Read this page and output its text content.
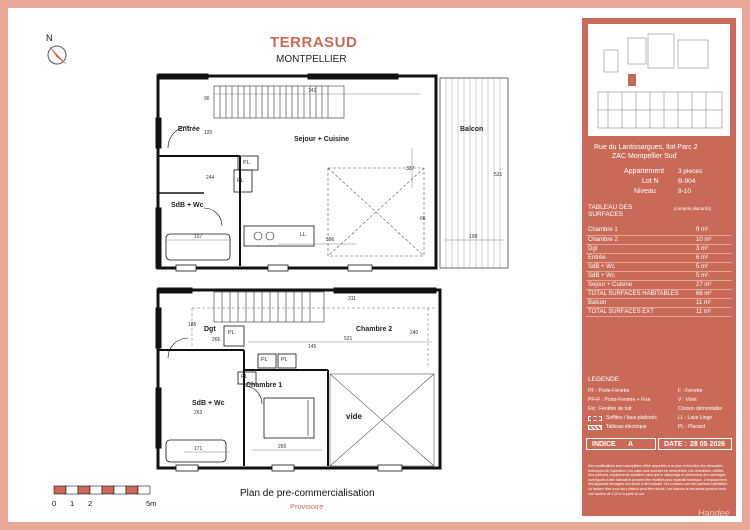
N	TERRASUD
MONTPELLIER
Entrée
Sejour + Cuisine
Balcon
SdB + Wc
PL
PL
LL
741
90
120
244
157	596	199
337
66
531
Dgt	Chambre 2
Chambre 1
SdB + Wc
vide
PL PL
PL
PL
311
185
266	521
240
145
263
171	265
0 1 2	5m
Plan de pre-commercialisation
Provisoire
Rue du Lantissargues, Ilot Parc 2
ZAC Montpellier Sud
Appartement 3 pieces
Lot N	B-904
Niveau	9-10
TABLEAU DES SURFACES
(compris placards)
Chambre 1	9 m²
Chambre 2	10 m²
Dgt	3 m²
Entrée	6 m²
SdB + Wc	5 m²
SdB + Wc	5 m²
Sejour + Cuisine	27 m²
TOTAL SURFACES HABITABLES	66 m²
Balcon	11 m²
TOTAL SURFACES EXT	11 m²
LEGENDE
PF : Porte-Fenetre	F : Fenetre
PF+F : Porte-Fenetre + Fixe	V : Volet
Fst : Fenêtre de toit	Cloison démontable
Soffites / faux-plafonds	LL : Lave Linge
Tableau électrique	PL : Placard
INDICE A	DATE : 28 05 2026
Des modifications sont susceptibles d'être apportées à ce plan en fonction des nécessités techniques de l'opération. Les cotes sont données en centimètres. Les retombées, soffites, faux plafonds, équipements sanitaires ainsi que le calepinage et dimensions des carrelages sont figurés à titre indicatif et peuvent être modifiés pour impératif technique. L'emplacement des appareils ménagers est donné à titre indicatif. Les surfaces sont des surfaces habitables. La hauteur libre sous faux plafond peut être réduite. Les balcons ou terrasses pourront avoir une hauteur de 2,20 m à partir du sol.
Handee
